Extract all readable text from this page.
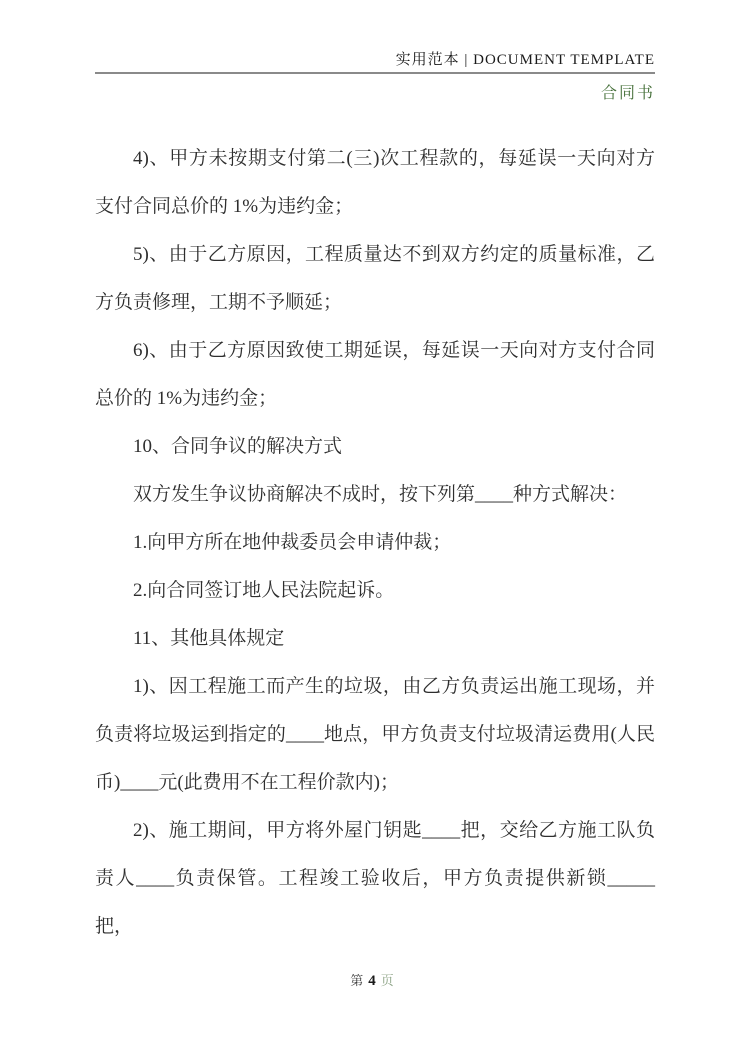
实用范本 | DOCUMENT TEMPLATE
合同书

4)、甲方未按期支付第二(三)次工程款的，每延误一天向对方支付合同总价的 1%为违约金；

5)、由于乙方原因，工程质量达不到双方约定的质量标准，乙方负责修理，工期不予顺延；

6)、由于乙方原因致使工期延误，每延误一天向对方支付合同总价的 1%为违约金；

10、合同争议的解决方式

双方发生争议协商解决不成时，按下列第____种方式解决：

1.向甲方所在地仲裁委员会申请仲裁；

2.向合同签订地人民法院起诉。

11、其他具体规定

1)、因工程施工而产生的垃圾，由乙方负责运出施工现场，并负责将垃圾运到指定的____地点，甲方负责支付垃圾清运费用(人民币)____元(此费用不在工程价款内)；

2)、施工期间，甲方将外屋门钥匙____把，交给乙方施工队负责人____负责保管。工程竣工验收后，甲方负责提供新锁_____把，

第 4 页
